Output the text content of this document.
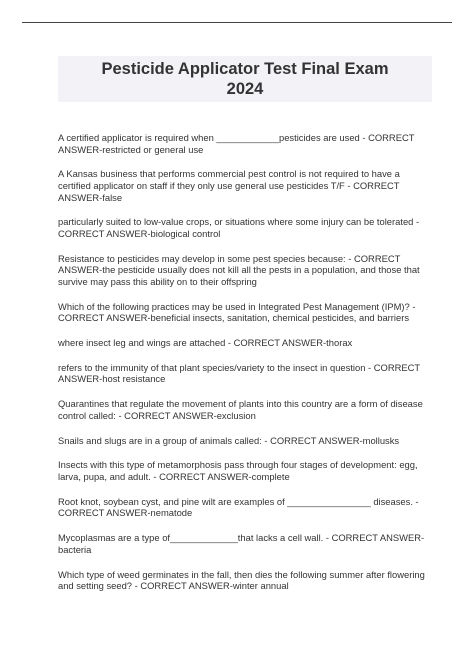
Pesticide Applicator Test Final Exam
2024
A certified applicator is required when ____________pesticides are used - CORRECT ANSWER-restricted or general use
A Kansas business that performs commercial pest control is not required to have a certified applicator on staff if they only use general use pesticides T/F - CORRECT ANSWER-false
particularly suited to low-value crops, or situations where some injury can be tolerated - CORRECT ANSWER-biological control
Resistance to pesticides may develop in some pest species because: - CORRECT ANSWER-the pesticide usually does not kill all the pests in a population, and those that survive may pass this ability on to their offspring
Which of the following practices may be used in Integrated Pest Management (IPM)? - CORRECT ANSWER-beneficial insects, sanitation, chemical pesticides, and barriers
where insect leg and wings are attached - CORRECT ANSWER-thorax
refers to the immunity of that plant species/variety to the insect in question - CORRECT ANSWER-host resistance
Quarantines that regulate the movement of plants into this country are a form of disease control called: - CORRECT ANSWER-exclusion
Snails and slugs are in a group of animals called: - CORRECT ANSWER-mollusks
Insects with this type of metamorphosis pass through four stages of development: egg, larva, pupa, and adult. - CORRECT ANSWER-complete
Root knot, soybean cyst, and pine wilt are examples of ________________ diseases. - CORRECT ANSWER-nematode
Mycoplasmas are a type of_____________that lacks a cell wall. - CORRECT ANSWER-bacteria
Which type of weed germinates in the fall, then dies the following summer after flowering and setting seed? - CORRECT ANSWER-winter annual
